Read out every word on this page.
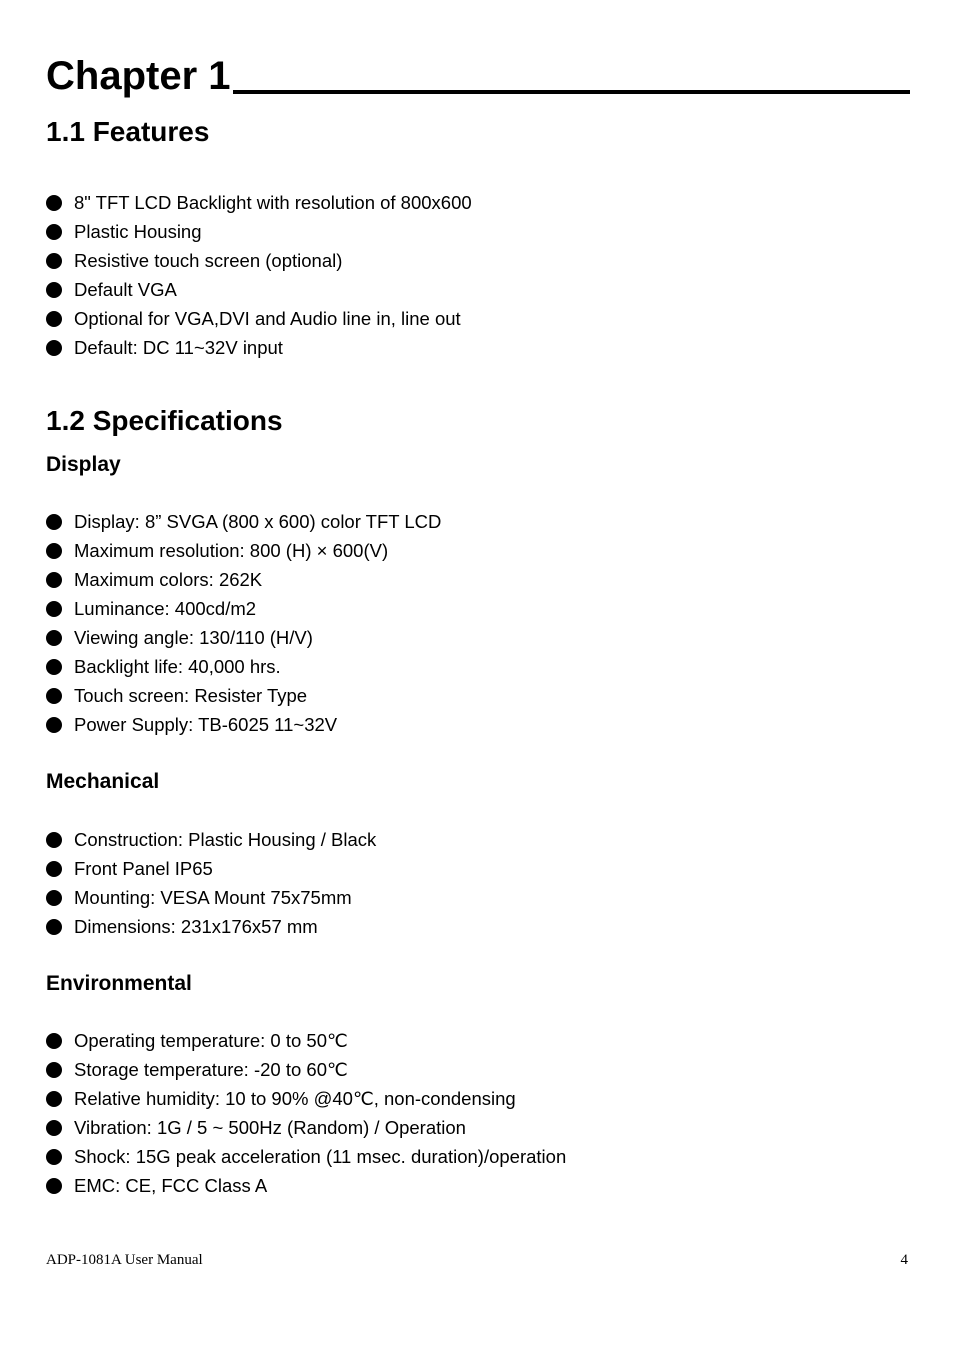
Chapter 1
1.1 Features
8" TFT LCD Backlight with resolution of 800x600
Plastic Housing
Resistive touch screen (optional)
Default VGA
Optional for VGA,DVI and Audio line in, line out
Default: DC 11~32V input
1.2 Specifications
Display
Display: 8” SVGA (800 x 600) color TFT LCD
Maximum resolution: 800 (H) × 600(V)
Maximum colors: 262K
Luminance: 400cd/m2
Viewing angle: 130/110 (H/V)
Backlight life: 40,000 hrs.
Touch screen: Resister Type
Power Supply: TB-6025 11~32V
Mechanical
Construction: Plastic Housing / Black
Front Panel IP65
Mounting: VESA Mount 75x75mm
Dimensions: 231x176x57 mm
Environmental
Operating temperature: 0 to 50℃
Storage temperature: -20 to 60℃
Relative humidity: 10 to 90% @40℃, non-condensing
Vibration: 1G / 5 ~ 500Hz (Random) / Operation
Shock: 15G peak acceleration (11 msec. duration)/operation
EMC: CE, FCC Class A
ADP-1081A User Manual	4
